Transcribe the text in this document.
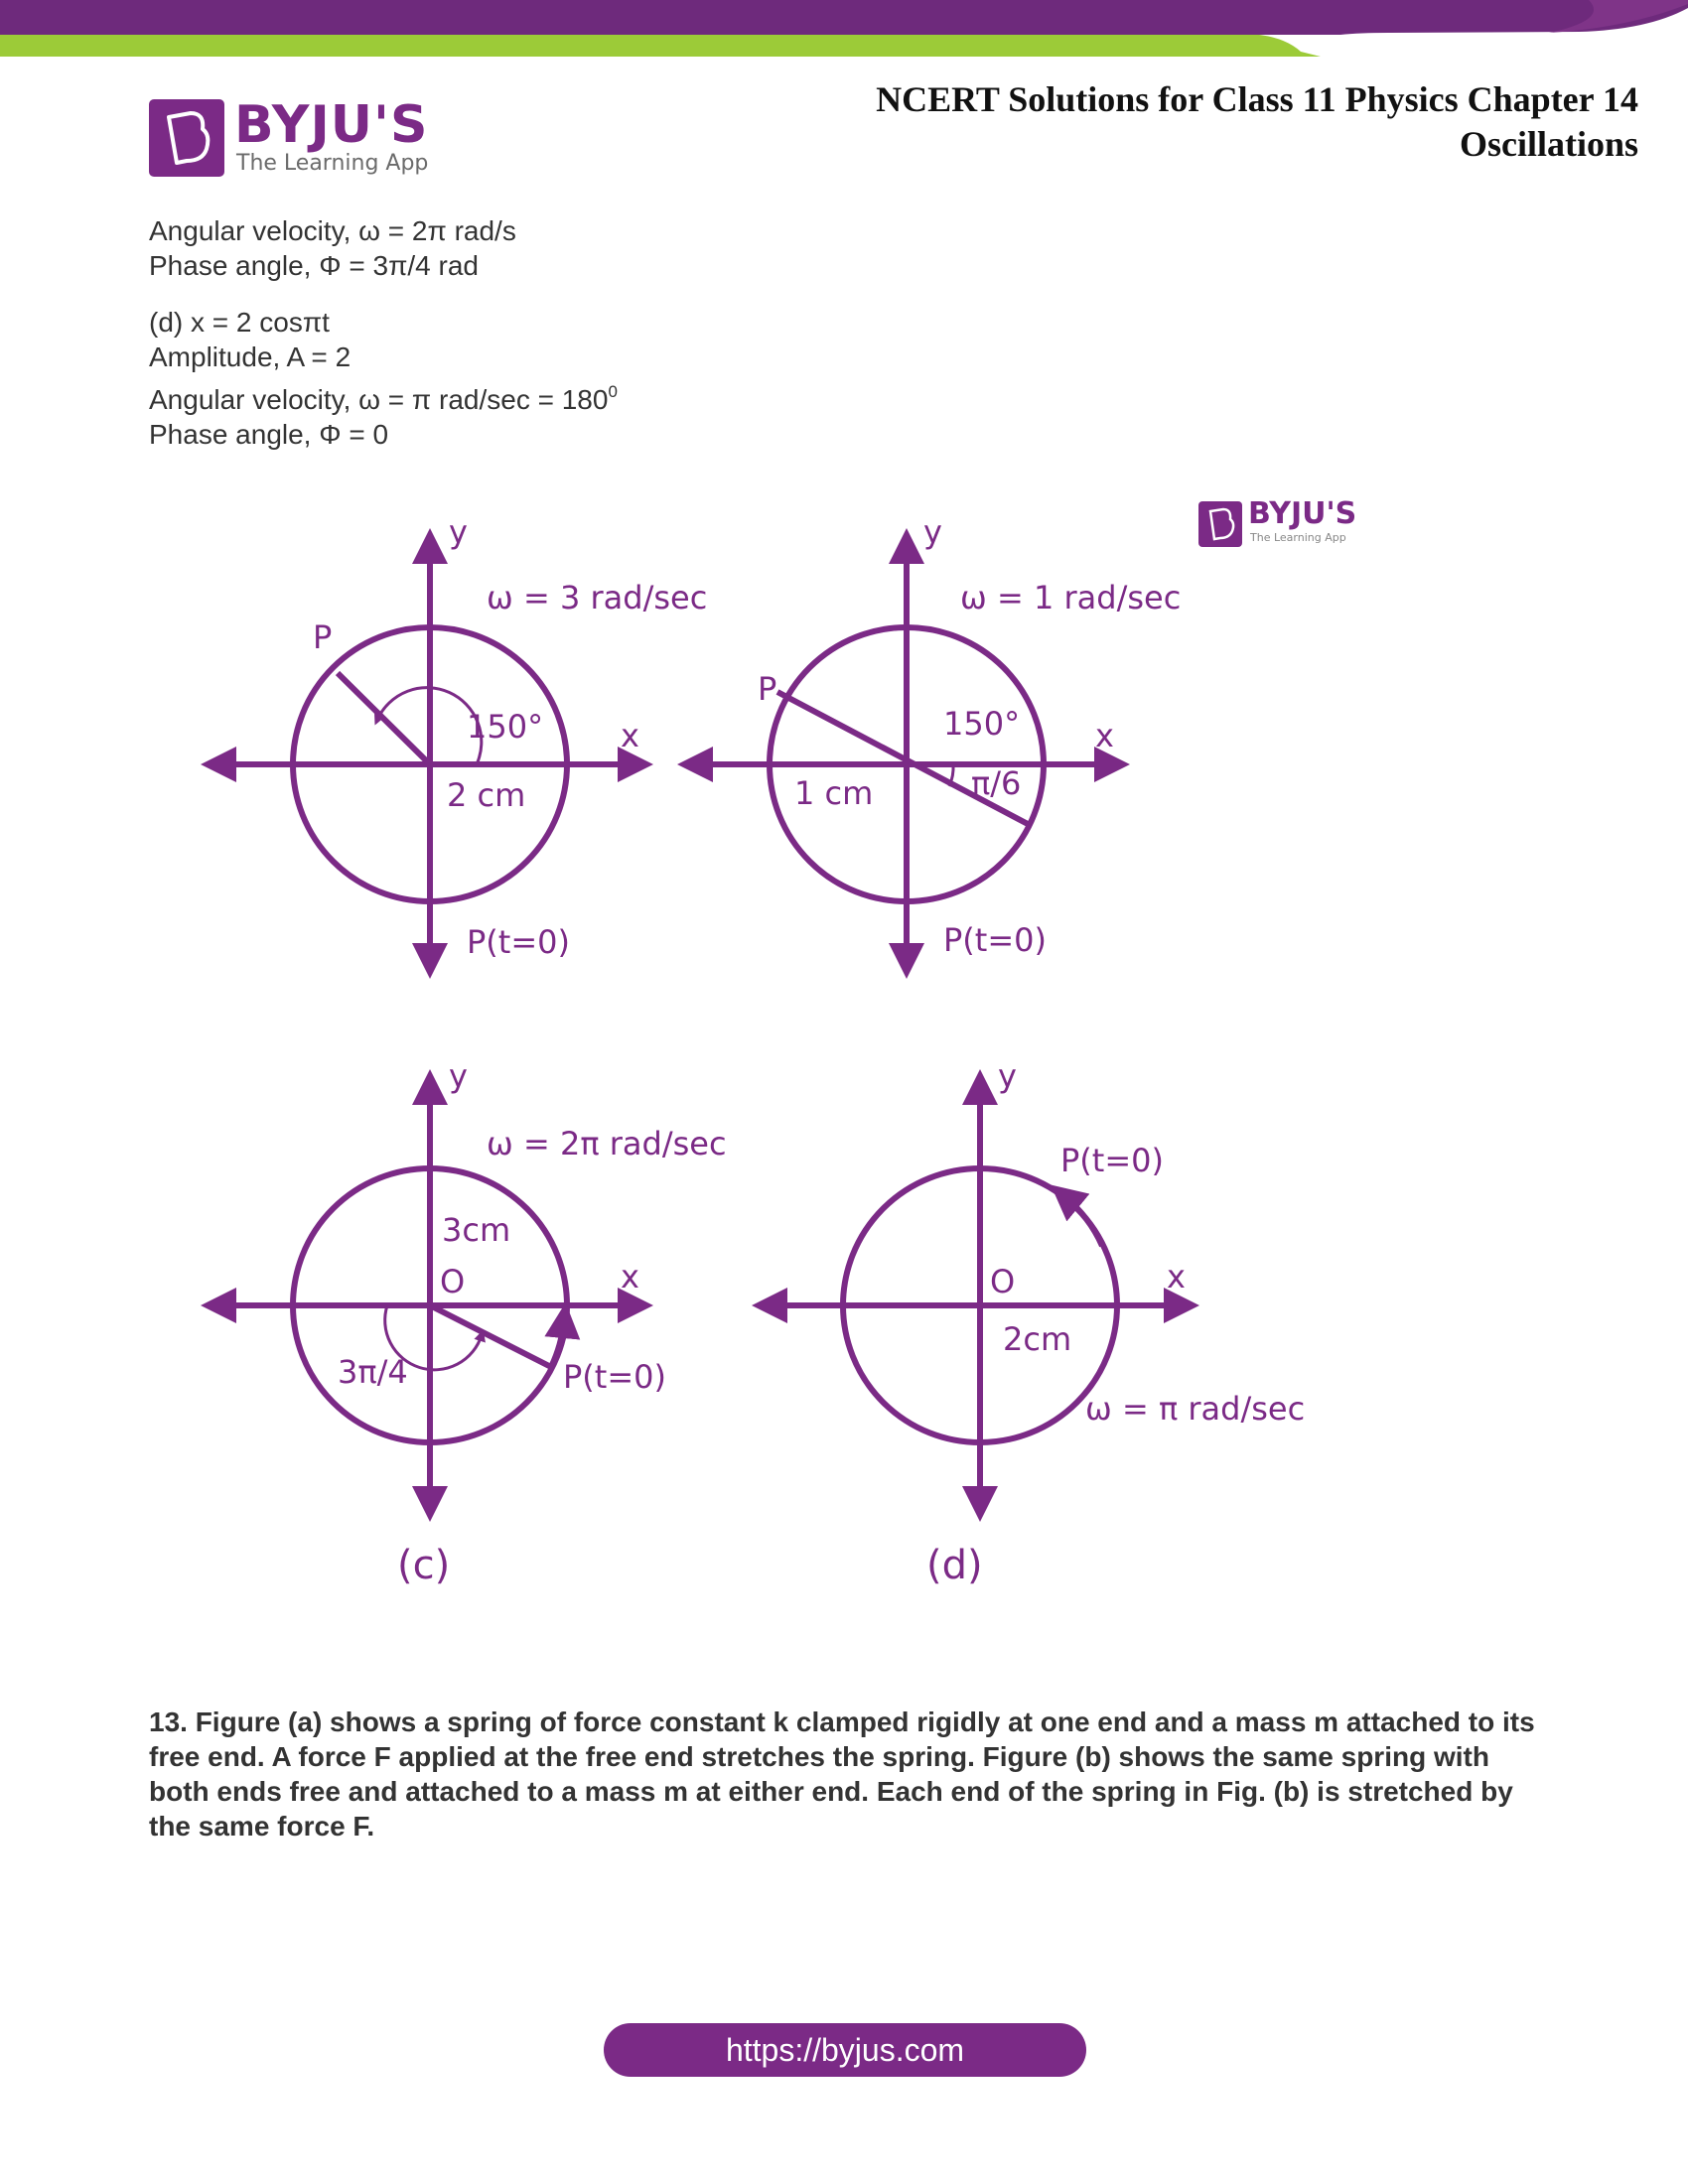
BYJU'S
The Learning App
NCERT Solutions for Class 11 Physics Chapter 14
Oscillations

Angular velocity, ω = 2π rad/s

Phase angle, Φ = 3π/4 rad

(d) x = 2 cosπt

Amplitude, A = 2

Angular velocity, ω = π $rad/\sec = 180^0$

Phase angle, Φ = 0

BYJU'S
The Learning App
y
ω = 3 rad/sec
P
150° x
2 cm
P(t=0)
y
ω = 1 rad/sec
P
150° x
π/6
1 cm
P(t=0)
y
ω = 2π rad/sec
3cm
O	x
3π/4	P(t=0)
(c)
y
P(t=0)
O	x
2cm
ω = π rad/sec
(d)
13. Figure (a) shows a spring of force constant k clamped rigidly at one end and a mass m attached to its free end. A force F applied at the free end stretches the spring. Figure (b) shows the same spring with both ends free and attached to a mass m at either end. Each end of the spring in Fig. (b) is stretched by the same force F.
https://byjus.com
